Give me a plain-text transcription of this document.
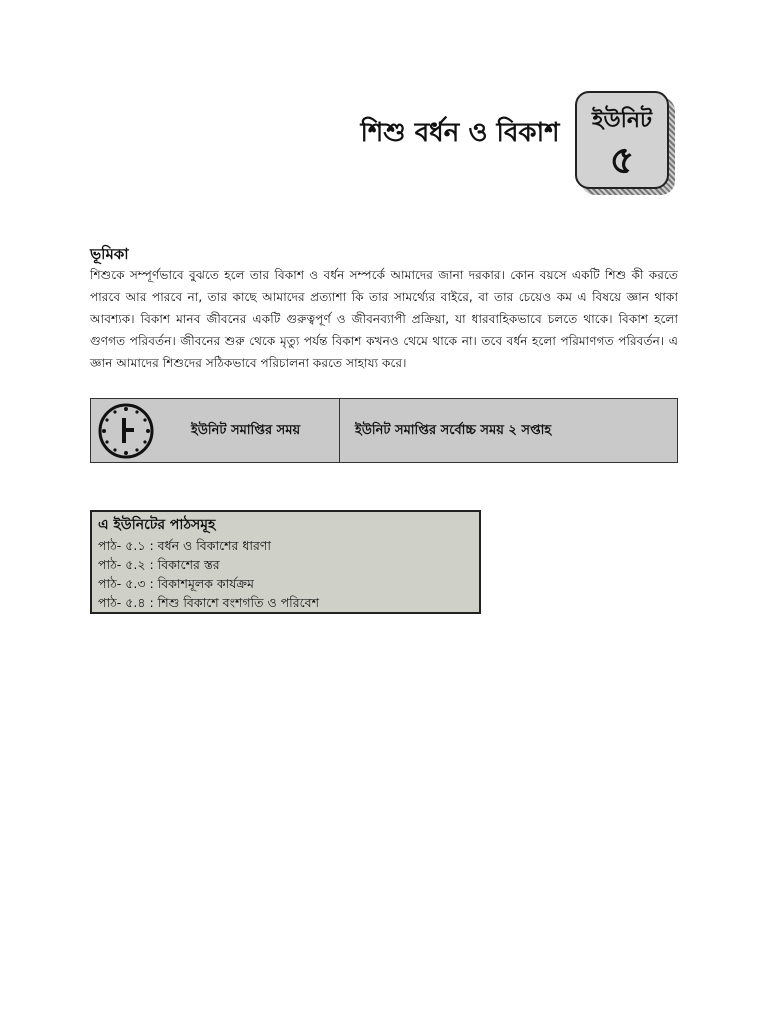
শিশু বর্ধন ও বিকাশ	ইউনিট
৫
ভূমিকা
শিশুকে সম্পূর্ণভাবে বুঝতে হলে তার বিকাশ ও বর্ধন সম্পর্কে আমাদের জানা দরকার। কোন বয়সে একটি শিশু কী করতে পারবে আর পারবে না, তার কাছে আমাদের প্রত্যাশা কি তার সামর্থ্যের বাইরে, বা তার চেয়েও কম এ বিষয়ে জ্ঞান থাকা আবশ্যক। বিকাশ মানব জীবনের একটি গুরুত্বপূর্ণ ও জীবনব্যাপী প্রক্রিয়া, যা ধারবাহিকভাবে চলতে থাকে। বিকাশ হলো গুণগত পরিবর্তন। জীবনের শুরু থেকে মৃত্যু পর্যন্ত বিকাশ কখনও থেমে থাকে না। তবে বর্ধন হলো পরিমাণগত পরিবর্তন। এ জ্ঞান আমাদের শিশুদের সঠিকভাবে পরিচালনা করতে সাহায্য করে।
ইউনিট সমাপ্তির সময়	ইউনিট সমাপ্তির সর্বোচ্চ সময় ২ সপ্তাহ
এ ইউনিটের পাঠসমূহ
পাঠ- ৫.১ : বর্ধন ও বিকাশের ধারণা
পাঠ- ৫.২ : বিকাশের স্তর
পাঠ- ৫.৩ : বিকাশমূলক কার্যক্রম
পাঠ- ৫.৪ : শিশু বিকাশে বংশগতি ও পরিবেশ
